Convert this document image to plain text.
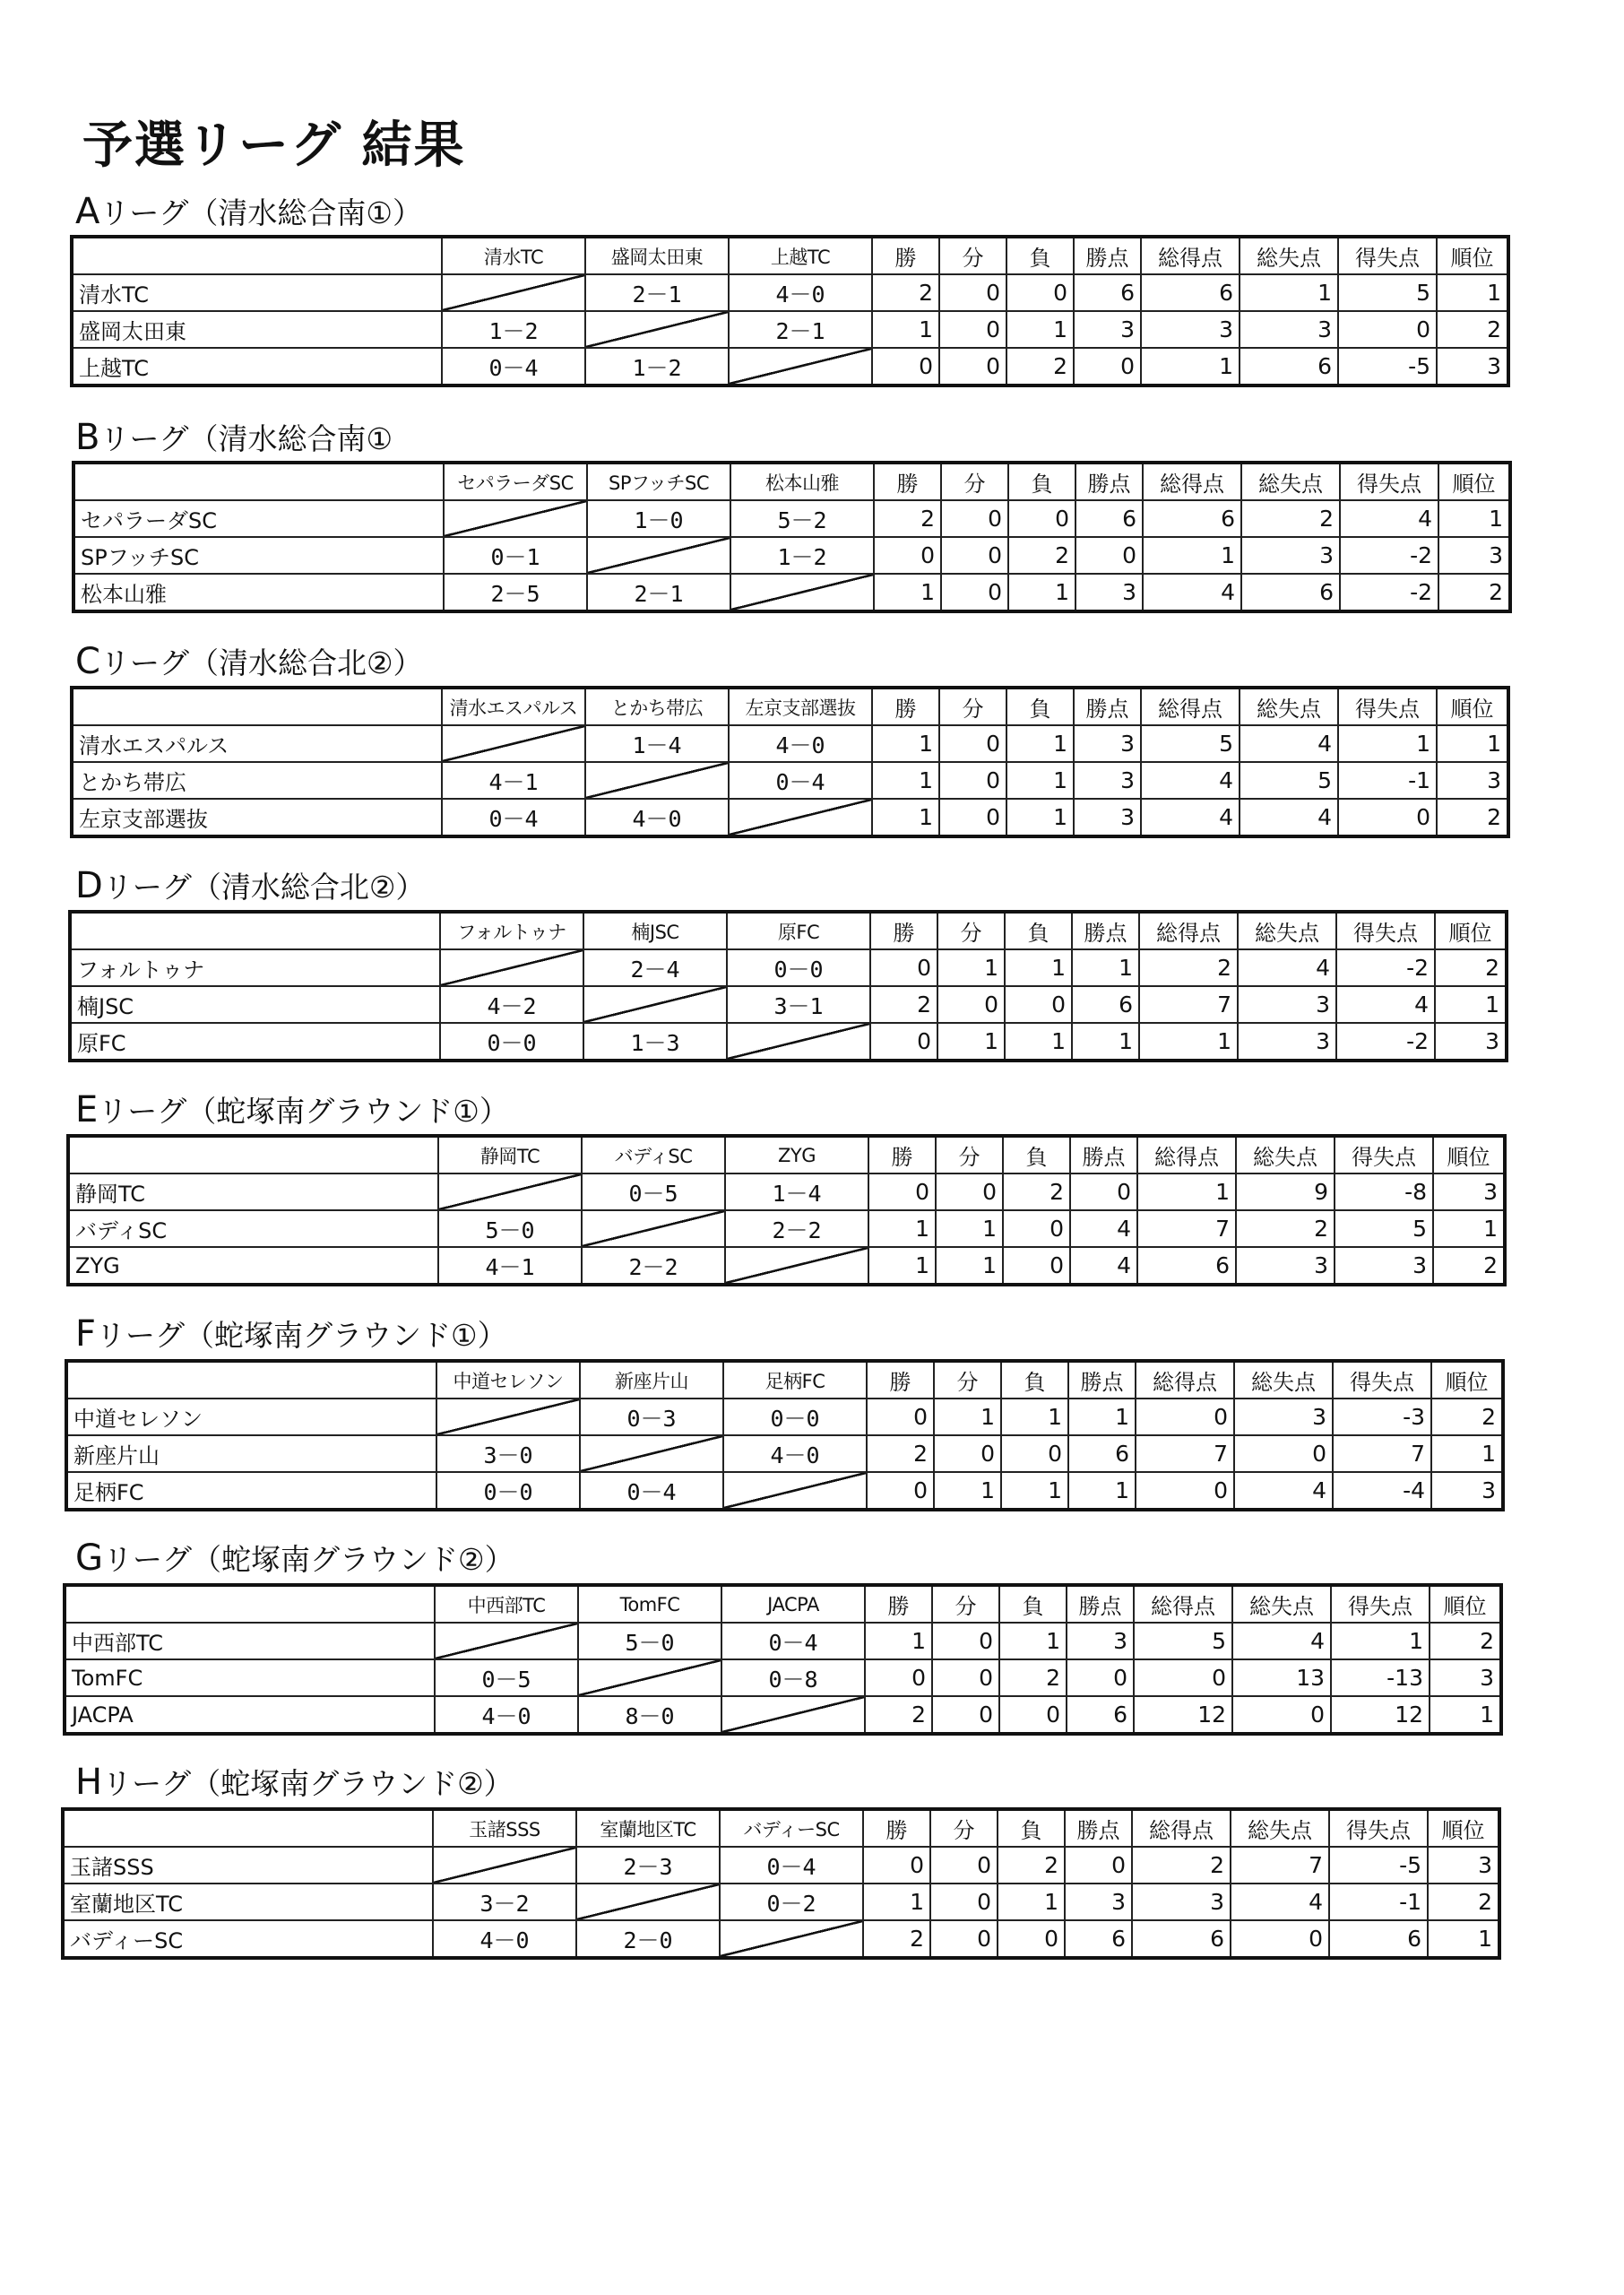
予選リーグ 結果
Aリーグ（清水総合南①）
	清水TC	盛岡太田東	上越TC	勝	分	負	勝点	総得点	総失点	得失点	順位
清水TC		2－1	4－0	2	0	0	6	6	1	5	1
盛岡太田東	1－2		2－1	1	0	1	3	3	3	0	2
上越TC	0－4	1－2		0	0	2	0	1	6	-5	3
Bリーグ（清水総合南①
	セパラーダSC	SPフッチSC	松本山雅	勝	分	負	勝点	総得点	総失点	得失点	順位
セパラーダSC		1－0	5－2	2	0	0	6	6	2	4	1
SPフッチSC	0－1		1－2	0	0	2	0	1	3	-2	3
松本山雅	2－5	2－1		1	0	1	3	4	6	-2	2
Cリーグ（清水総合北②）
	清水エスパルス	とかち帯広	左京支部選抜	勝	分	負	勝点	総得点	総失点	得失点	順位
清水エスパルス		1－4	4－0	1	0	1	3	5	4	1	1
とかち帯広	4－1		0－4	1	0	1	3	4	5	-1	3
左京支部選抜	0－4	4－0		1	0	1	3	4	4	0	2
Dリーグ（清水総合北②）
	フォルトゥナ	楠JSC	原FC	勝	分	負	勝点	総得点	総失点	得失点	順位
フォルトゥナ		2－4	0－0	0	1	1	1	2	4	-2	2
楠JSC	4－2		3－1	2	0	0	6	7	3	4	1
原FC	0－0	1－3		0	1	1	1	1	3	-2	3
Eリーグ（蛇塚南グラウンド①）
	静岡TC	バディSC	ZYG	勝	分	負	勝点	総得点	総失点	得失点	順位
静岡TC		0－5	1－4	0	0	2	0	1	9	-8	3
バディSC	5－0		2－2	1	1	0	4	7	2	5	1
ZYG	4－1	2－2		1	1	0	4	6	3	3	2
Fリーグ（蛇塚南グラウンド①）
	中道セレソン	新座片山	足柄FC	勝	分	負	勝点	総得点	総失点	得失点	順位
中道セレソン		0－3	0－0	0	1	1	1	0	3	-3	2
新座片山	3－0		4－0	2	0	0	6	7	0	7	1
足柄FC	0－0	0－4		0	1	1	1	0	4	-4	3
Gリーグ（蛇塚南グラウンド②）
	中西部TC	TomFC	JACPA	勝	分	負	勝点	総得点	総失点	得失点	順位
中西部TC		5－0	0－4	1	0	1	3	5	4	1	2
TomFC	0－5		0－8	0	0	2	0	0	13	-13	3
JACPA	4－0	8－0		2	0	0	6	12	0	12	1
Hリーグ（蛇塚南グラウンド②）
	玉諸SSS	室蘭地区TC	バディーSC	勝	分	負	勝点	総得点	総失点	得失点	順位
玉諸SSS		2－3	0－4	0	0	2	0	2	7	-5	3
室蘭地区TC	3－2		0－2	1	0	1	3	3	4	-1	2
バディーSC	4－0	2－0		2	0	0	6	6	0	6	1
